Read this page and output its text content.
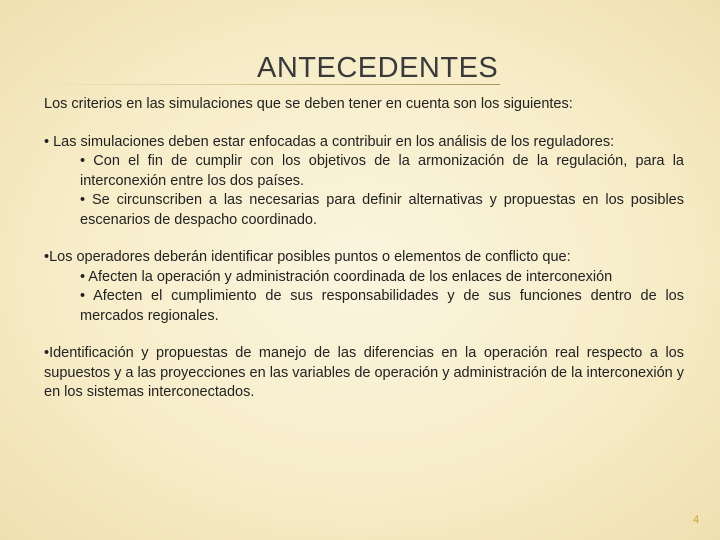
ANTECEDENTES

Los criterios en las simulaciones que se deben tener en cuenta son los siguientes:

• Las simulaciones deben estar enfocadas a contribuir en los análisis de los reguladores:
• Con el fin de cumplir con los objetivos de la armonización de la regulación, para la interconexión entre los dos países.
• Se circunscriben a las necesarias para definir alternativas y propuestas en los posibles escenarios de despacho coordinado.
•Los operadores deberán identificar posibles puntos o elementos de conflicto que:
• Afecten la operación y administración coordinada de los enlaces de interconexión
• Afecten el cumplimiento de sus responsabilidades y de sus funciones dentro de los mercados regionales.
•Identificación y propuestas de manejo de las diferencias en la operación real respecto a los supuestos y a las proyecciones en las variables de operación y administración de la interconexión y en los sistemas interconectados.
4
